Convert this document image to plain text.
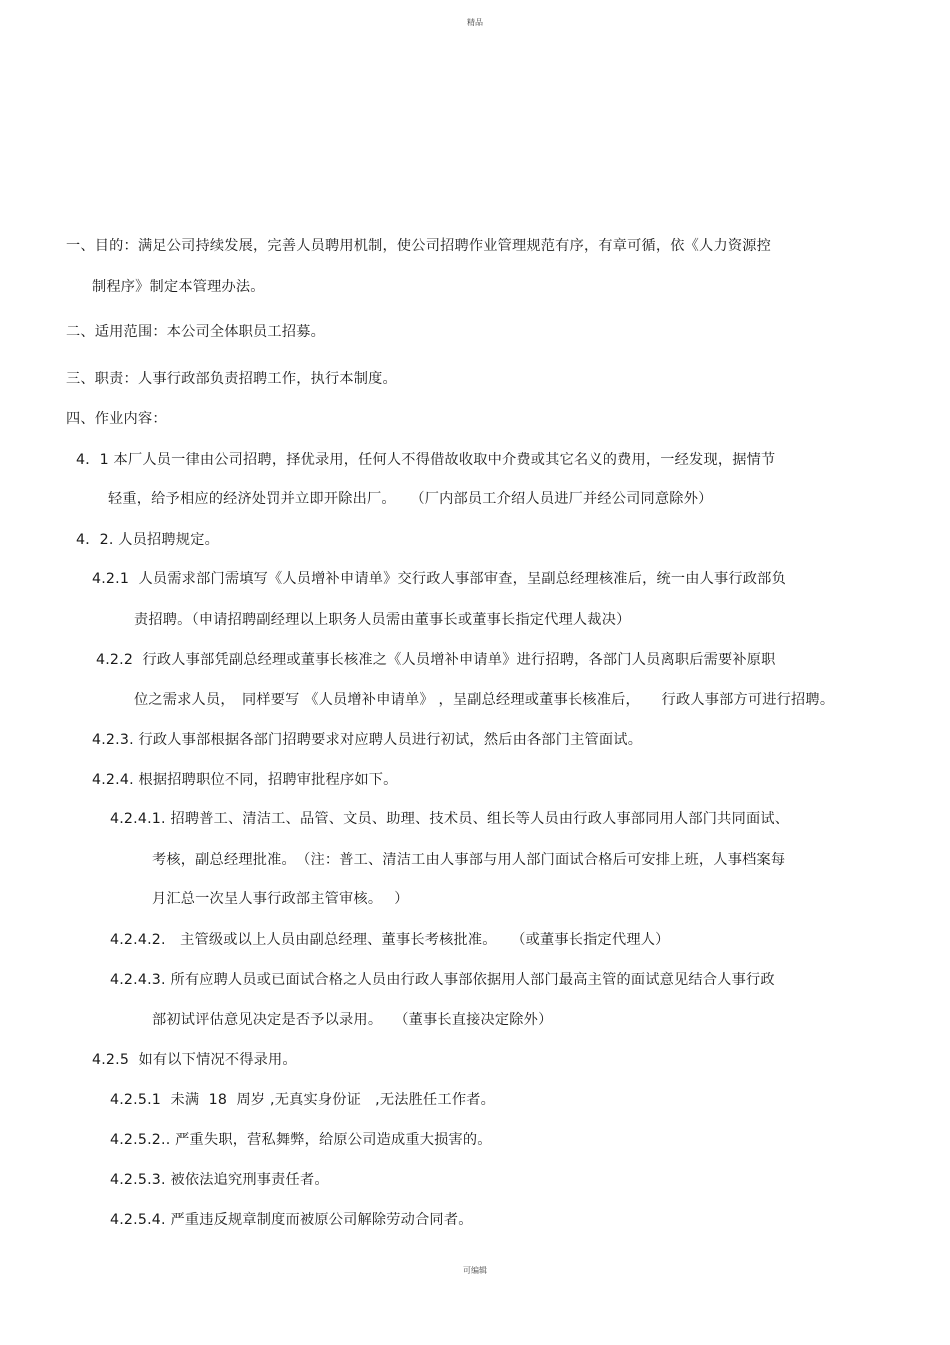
精品
一、目的：满足公司持续发展，完善人员聘用机制，使公司招聘作业管理规范有序，有章可循，依《人力资源控
制程序》制定本管理办法。
二、适用范围：本公司全体职员工招募。
三、职责：人事行政部负责招聘工作，执行本制度。
四、作业内容：
4．1 本厂人员一律由公司招聘，择优录用，任何人不得借故收取中介费或其它名义的费用，一经发现，据情节
轻重，给予相应的经济处罚并立即开除出厂。　　（厂内部员工介绍人员进厂并经公司同意除外）
4．2. 人员招聘规定。
4.2.1  人员需求部门需填写《人员增补申请单》交行政人事部审查，呈副总经理核准后，统一由人事行政部负
责招聘。（申请招聘副经理以上职务人员需由董事长或董事长指定代理人裁决）
4.2.2  行政人事部凭副总经理或董事长核准之《人员增补申请单》进行招聘，各部门人员离职后需要补原职
位之需求人员，　同样要写 《人员增补申请单》 ，呈副总经理或董事长核准后，　　行政人事部方可进行招聘。
4.2.3. 行政人事部根据各部门招聘要求对应聘人员进行初试，然后由各部门主管面试。
4.2.4. 根据招聘职位不同，招聘审批程序如下。
4.2.4.1. 招聘普工、清洁工、品管、文员、助理、技术员、组长等人员由行政人事部同用人部门共同面试、
考核，副总经理批准。　（注：普工、清洁工由人事部与用人部门面试合格后可安排上班，人事档案每
月汇总一次呈人事行政部主管审核。　 ）
4.2.4.2.　主管级或以上人员由副总经理、董事长考核批准。　　（或董事长指定代理人）
4.2.4.3. 所有应聘人员或已面试合格之人员由行政人事部依据用人部门最高主管的面试意见结合人事行政
部初试评估意见决定是否予以录用。　 （董事长直接决定除外）
4.2.5  如有以下情况不得录用。
4.2.5.1  未满  18  周岁 ,无真实身份证   ,无法胜任工作者。
4.2.5.2.. 严重失职，营私舞弊，给原公司造成重大损害的。
4.2.5.3. 被依法追究刑事责任者。
4.2.5.4. 严重违反规章制度而被原公司解除劳动合同者。
可编辑
